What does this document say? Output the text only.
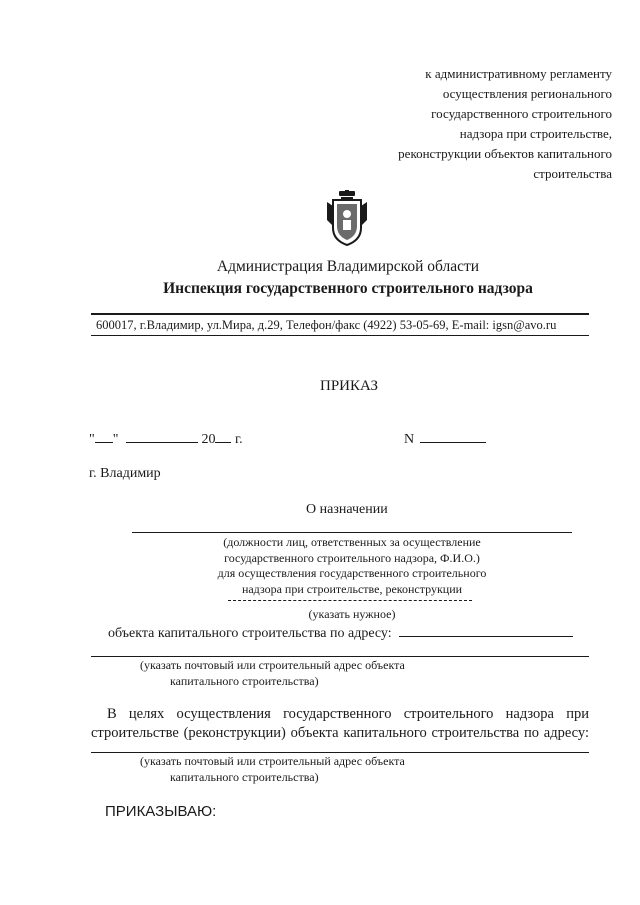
к административному регламенту
осуществления регионального
государственного строительного
надзора при строительстве,
реконструкции объектов капитального
строительства
Администрация Владимирской области
Инспекция государственного строительного надзора
600017, г.Владимир, ул.Мира, д.29, Телефон/факс (4922) 53-05-69, E-mail: igsn@avo.ru
ПРИКАЗ
" "	20 г.	N
г. Владимир
О назначении
(должности лиц, ответственных за осуществление
государственного строительного надзора, Ф.И.О.)
для осуществления государственного строительного
надзора при строительстве, реконструкции
(указать нужное)
объекта капитального строительства по адресу:
(указать почтовый или строительный адрес объекта
капитального строительства)
В целях осуществления государственного строительного надзора при
строительстве (реконструкции) объекта капитального строительства по адресу:
(указать почтовый или строительный адрес объекта
капитального строительства)
ПРИКАЗЫВАЮ:
